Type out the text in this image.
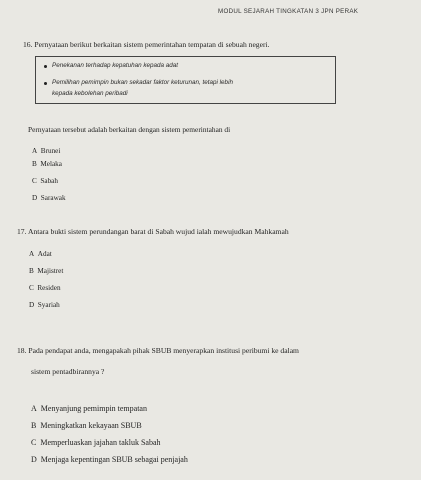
MODUL SEJARAH TINGKATAN 3 JPN PERAK
16. Pernyataan berikut berkaitan sistem pemerintahan tempatan di sebuah negeri.
Penekanan terhadap kepatuhan kepada adat
Pemilihan pemimpin bukan sekadar faktor keturunan, tetapi lebih
kepada kebolehan peribadi
Pernyataan tersebut adalah berkaitan dengan sistem pemerintahan di
A Brunei
B Melaka
C Sabah
D Sarawak
17. Antara bukti sistem perundangan barat di Sabah wujud ialah mewujudkan Mahkamah
A Adat
B Majistret
C Residen
D Syariah
18. Pada pendapat anda, mengapakah pihak SBUB menyerapkan institusi peribumi ke dalam
sistem pentadbirannya ?
A Menyanjung pemimpin tempatan
B Meningkatkan kekayaan SBUB
C Memperluaskan jajahan takluk Sabah
D Menjaga kepentingan SBUB sebagai penjajah
